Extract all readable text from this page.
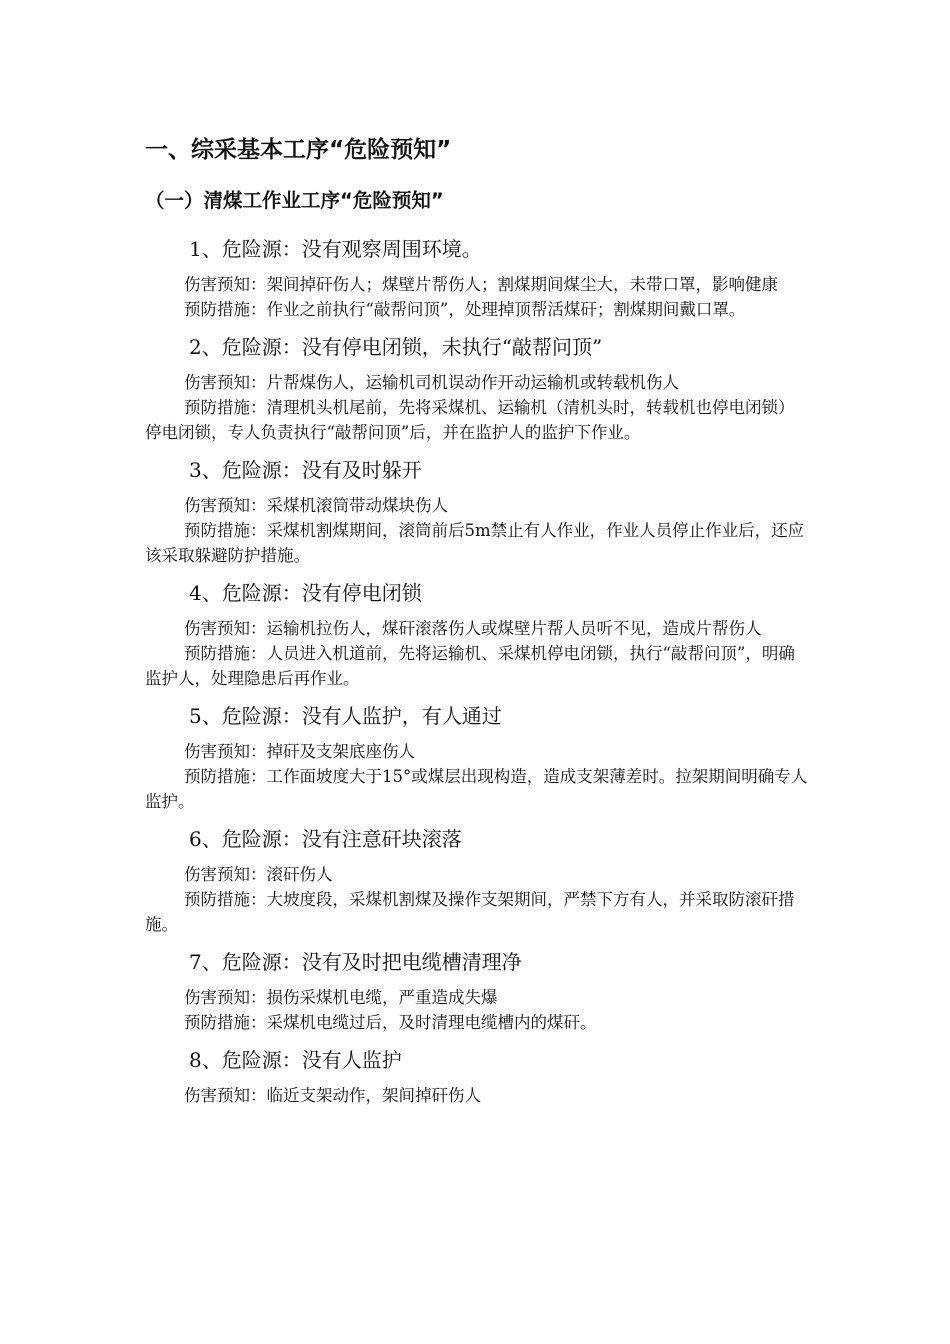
一、综采基本工序“危险预知”
（一）清煤工作业工序“危险预知”
1、危险源：没有观察周围环境。

伤害预知：架间掉矸伤人；煤壁片帮伤人；割煤期间煤尘大，未带口罩，影响健康

预防措施：作业之前执行“敲帮问顶”，处理掉顶帮活煤矸；割煤期间戴口罩。

2、危险源：没有停电闭锁，未执行“敲帮问顶”

伤害预知：片帮煤伤人，运输机司机误动作开动运输机或转载机伤人

预防措施：清理机头机尾前，先将采煤机、运输机（清机头时，转载机也停电闭锁）停电闭锁，专人负责执行“敲帮问顶”后，并在监护人的监护下作业。

3、危险源：没有及时躲开

伤害预知：采煤机滚筒带动煤块伤人

预防措施：采煤机割煤期间，滚筒前后5m禁止有人作业，作业人员停止作业后，还应该采取躲避防护措施。

4、危险源：没有停电闭锁

伤害预知：运输机拉伤人，煤矸滚落伤人或煤壁片帮人员听不见，造成片帮伤人

预防措施：人员进入机道前，先将运输机、采煤机停电闭锁，执行“敲帮问顶”，明确监护人，处理隐患后再作业。

5、危险源：没有人监护，有人通过

伤害预知：掉矸及支架底座伤人

预防措施：工作面坡度大于15°或煤层出现构造，造成支架薄差时。拉架期间明确专人监护。

6、危险源：没有注意矸块滚落

伤害预知：滚矸伤人

预防措施：大坡度段，采煤机割煤及操作支架期间，严禁下方有人，并采取防滚矸措施。

7、危险源：没有及时把电缆槽清理净

伤害预知：损伤采煤机电缆，严重造成失爆

预防措施：采煤机电缆过后，及时清理电缆槽内的煤矸。

8、危险源：没有人监护

伤害预知：临近支架动作，架间掉矸伤人
